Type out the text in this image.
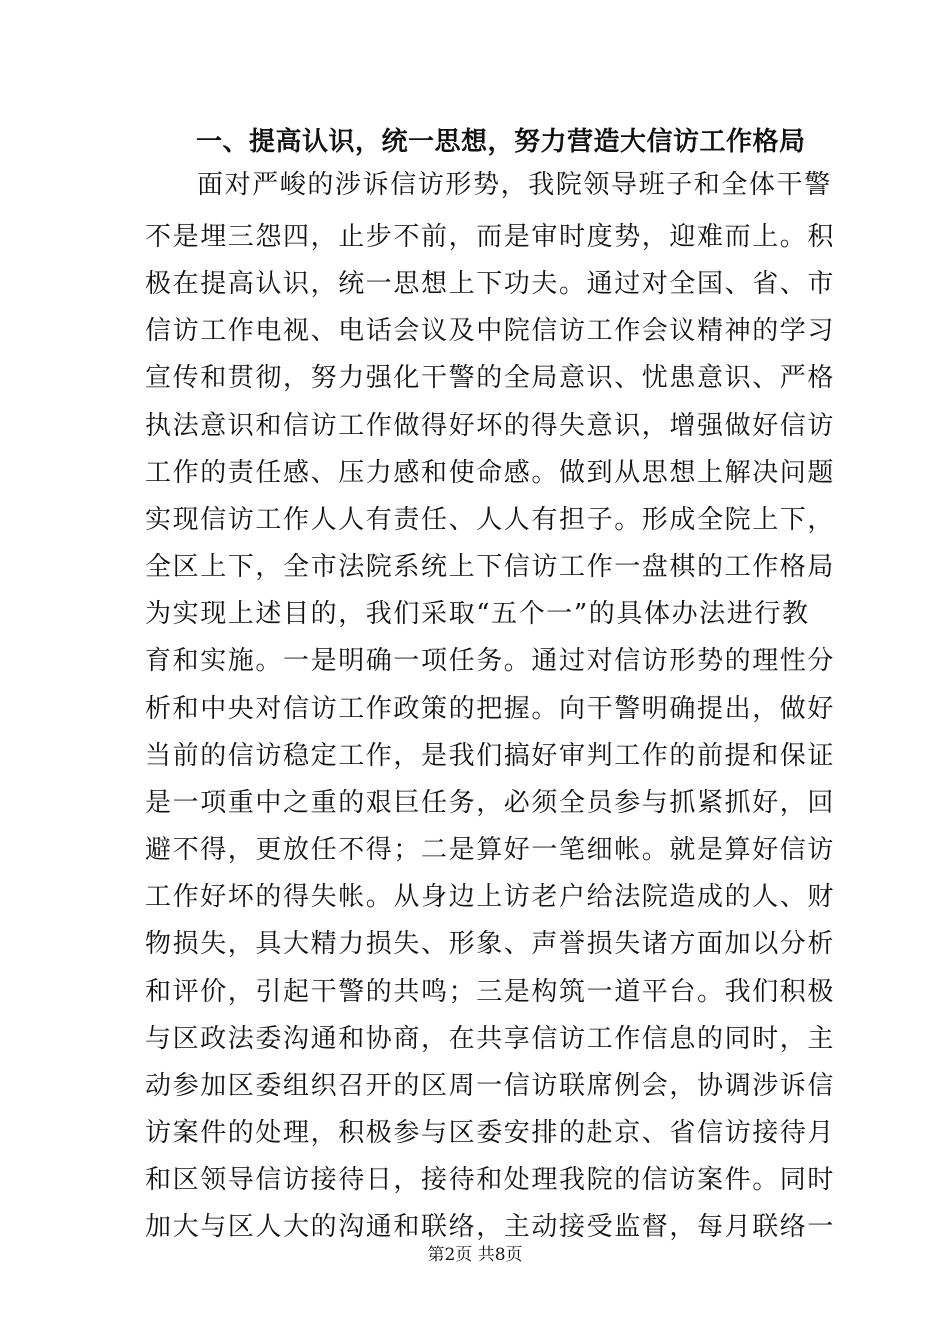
一、提高认识，统一思想，努力营造大信访工作格局
面对严峻的涉诉信访形势，我院领导班子和全体干警
不是埋三怨四，止步不前，而是审时度势，迎难而上。积
极在提高认识，统一思想上下功夫。通过对全国、省、市
信访工作电视、电话会议及中院信访工作会议精神的学习
宣传和贯彻，努力强化干警的全局意识、忧患意识、严格
执法意识和信访工作做得好坏的得失意识，增强做好信访
工作的责任感、压力感和使命感。做到从思想上解决问题
实现信访工作人人有责任、人人有担子。形成全院上下，
全区上下，全市法院系统上下信访工作一盘棋的工作格局
为实现上述目的，我们采取“五个一”的具体办法进行教
育和实施。一是明确一项任务。通过对信访形势的理性分
析和中央对信访工作政策的把握。向干警明确提出，做好
当前的信访稳定工作，是我们搞好审判工作的前提和保证
是一项重中之重的艰巨任务，必须全员参与抓紧抓好，回
避不得，更放任不得；二是算好一笔细帐。就是算好信访
工作好坏的得失帐。从身边上访老户给法院造成的人、财
物损失，具大精力损失、形象、声誉损失诸方面加以分析
和评价，引起干警的共鸣；三是构筑一道平台。我们积极
与区政法委沟通和协商，在共享信访工作信息的同时，主
动参加区委组织召开的区周一信访联席例会，协调涉诉信
访案件的处理，积极参与区委安排的赴京、省信访接待月
和区领导信访接待日，接待和处理我院的信访案件。同时
加大与区人大的沟通和联络，主动接受监督，每月联络一
第2页 共8页
